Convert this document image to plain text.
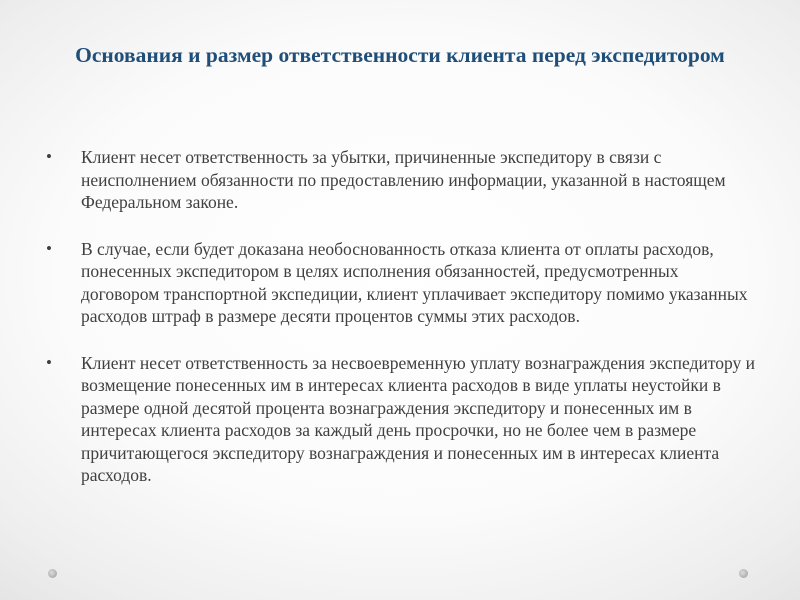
Основания и размер ответственности клиента перед экспедитором
• Клиент несет ответственность за убытки, причиненные экспедитору в связи с неисполнением обязанности по предоставлению информации, указанной в настоящем Федеральном законе.
• В случае, если будет доказана необоснованность отказа клиента от оплаты расходов, понесенных экспедитором в целях исполнения обязанностей, предусмотренных договором транспортной экспедиции, клиент уплачивает экспедитору помимо указанных расходов штраф в размере десяти процентов суммы этих расходов.
• Клиент несет ответственность за несвоевременную уплату вознаграждения экспедитору и возмещение понесенных им в интересах клиента расходов в виде уплаты неустойки в размере одной десятой процента вознаграждения экспедитору и понесенных им в интересах клиента расходов за каждый день просрочки, но не более чем в размере причитающегося экспедитору вознаграждения и понесенных им в интересах клиента расходов.
